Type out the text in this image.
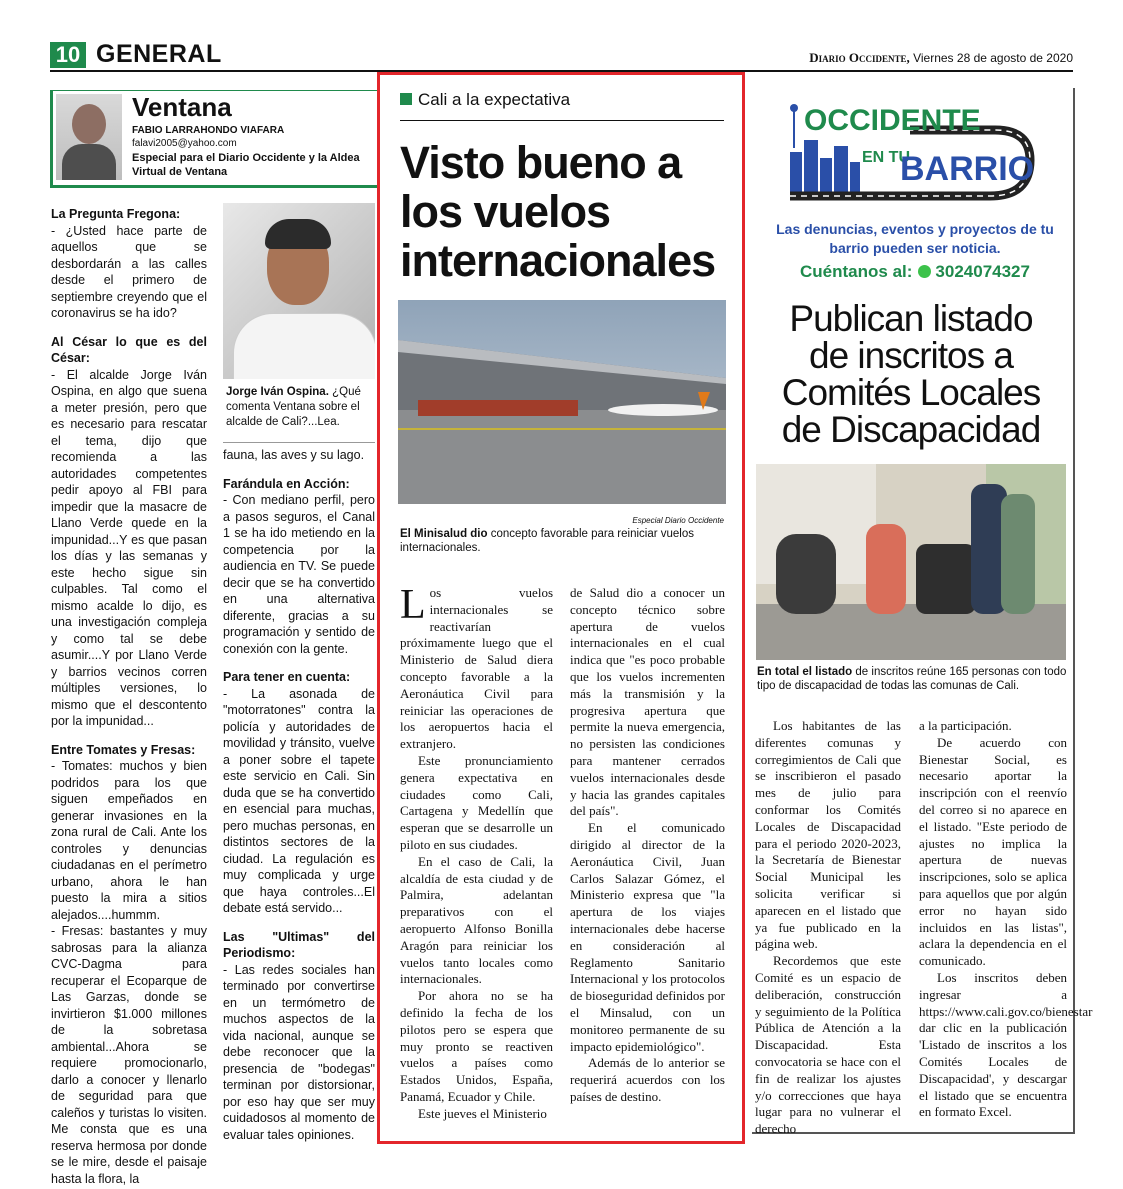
10 GENERAL	Diario Occidente, Viernes 28 de agosto de 2020
Ventana
FABIO LARRAHONDO VIAFARA
falavi2005@yahoo.com
Especial para el Diario Occidente y la Aldea Virtual de Ventana
La Pregunta Fregona:

- ¿Usted hace parte de aquellos que se desbordarán a las calles desde el primero de septiembre creyendo que el coronavirus se ha ido?

Al César lo que es del César:

- El alcalde Jorge Iván Ospina, en algo que suena a meter presión, pero que es necesario para rescatar el tema, dijo que recomienda a las autoridades competentes pedir apoyo al FBI para impedir que la masacre de Llano Verde quede en la impunidad...Y es que pasan los días y las semanas y este hecho sigue sin culpables. Tal como el mismo acalde lo dijo, es una investigación compleja y como tal se debe asumir....Y por Llano Verde y barrios vecinos corren múltiples versiones, lo mismo que el descontento por la impunidad...

Entre Tomates y Fresas:

- Tomates: muchos y bien podridos para los que siguen empeñados en generar invasiones en la zona rural de Cali. Ante los controles y denuncias ciudadanas en el perímetro urbano, ahora le han puesto la mira a sitios alejados....hummm.
- Fresas: bastantes y muy sabrosas para la alianza CVC-Dagma para recuperar el Ecoparque de Las Garzas, donde se invirtieron $1.000 millones de la sobretasa ambiental...Ahora se requiere promocionarlo, darlo a conocer y llenarlo de seguridad para que caleños y turistas lo visiten. Me consta que es una reserva hermosa por donde se le mire, desde el paisaje hasta la flora, la

Jorge Iván Ospina. ¿Qué comenta Ventana sobre el alcalde de Cali?...Lea.

fauna, las aves y su lago.

Farándula en Acción:

- Con mediano perfil, pero a pasos seguros, el Canal 1 se ha ido metiendo en la competencia por la audiencia en TV. Se puede decir que se ha convertido en una alternativa diferente, gracias a su programación y sentido de conexión con la gente.

Para tener en cuenta:

- La asonada de "motorratones" contra la policía y autoridades de movilidad y tránsito, vuelve a poner sobre el tapete este servicio en Cali. Sin duda que se ha convertido en esencial para muchas, pero muchas personas, en distintos sectores de la ciudad. La regulación es muy complicada y urge que haya controles...El debate está servido...

Las "Ultimas" del Periodismo:

- Las redes sociales han terminado por convertirse en un termómetro de muchos aspectos de la vida nacional, aunque se debe reconocer que la presencia de "bodegas" terminan por distorsionar, por eso hay que ser muy cuidadosos al momento de evaluar tales opiniones.

Cali a la expectativa
Visto bueno a los vuelos internacionales
Especial Diario Occidente
El Minisalud dio concepto favorable para reiniciar vuelos internacionales.

Los vuelos internacionales se reactivarían próximamente luego que el Ministerio de Salud diera concepto favorable a la Aeronáutica Civil para reiniciar las operaciones de los aeropuertos hacia el extranjero.

Este pronunciamiento genera expectativa en ciudades como Cali, Cartagena y Medellín que esperan que se desarrolle un piloto en sus ciudades.

En el caso de Cali, la alcaldía de esta ciudad y de Palmira, adelantan preparativos con el aeropuerto Alfonso Bonilla Aragón para reiniciar los vuelos tanto locales como internacionales.

Por ahora no se ha definido la fecha de los pilotos pero se espera que muy pronto se reactiven vuelos a países como Estados Unidos, España, Panamá, Ecuador y Chile.

Este jueves el Ministerio

de Salud dio a conocer un concepto técnico sobre apertura de vuelos internacionales en el cual indica que "es poco probable que los vuelos incrementen más la transmisión y la progresiva apertura que permite la nueva emergencia, no persisten las condiciones para mantener cerrados vuelos internacionales desde y hacia las grandes capitales del país".

En el comunicado dirigido al director de la Aeronáutica Civil, Juan Carlos Salazar Gómez, el Ministerio expresa que "la apertura de los viajes internacionales debe hacerse en consideración al Reglamento Sanitario Internacional y los protocolos de bioseguridad definidos por el Minsalud, con un monitoreo permanente de su impacto epidemiológico".

Además de lo anterior se requerirá acuerdos con los países de destino.

OCCIDENTE
EN TU
BARRIO
Las denuncias, eventos y proyectos de tu barrio pueden ser noticia.
Cuéntanos al: 3024074327
Publican listado de inscritos a Comités Locales de Discapacidad
En total el listado de inscritos reúne 165 personas con todo tipo de discapacidad de todas las comunas de Cali.

Los habitantes de las diferentes comunas y corregimientos de Cali que se inscribieron el pasado mes de julio para conformar los Comités Locales de Discapacidad para el periodo 2020-2023, la Secretaría de Bienestar Social Municipal les solicita verificar si aparecen en el listado que ya fue publicado en la página web.

Recordemos que este Comité es un espacio de deliberación, construcción y seguimiento de la Política Pública de Atención a la Discapacidad. Esta convocatoria se hace con el fin de realizar los ajustes y/o correcciones que haya lugar para no vulnerar el derecho

a la participación.

De acuerdo con Bienestar Social, es necesario aportar la inscripción con el reenvío del correo si no aparece en el listado. "Este periodo de ajustes no implica la apertura de nuevas inscripciones, solo se aplica para aquellos que por algún error no hayan sido incluidos en las listas", aclara la dependencia en el comunicado.

Los inscritos deben ingresar a https://www.cali.gov.co/bienestar dar clic en la publicación 'Listado de inscritos a los Comités Locales de Discapacidad', y descargar el listado que se encuentra en formato Excel.
